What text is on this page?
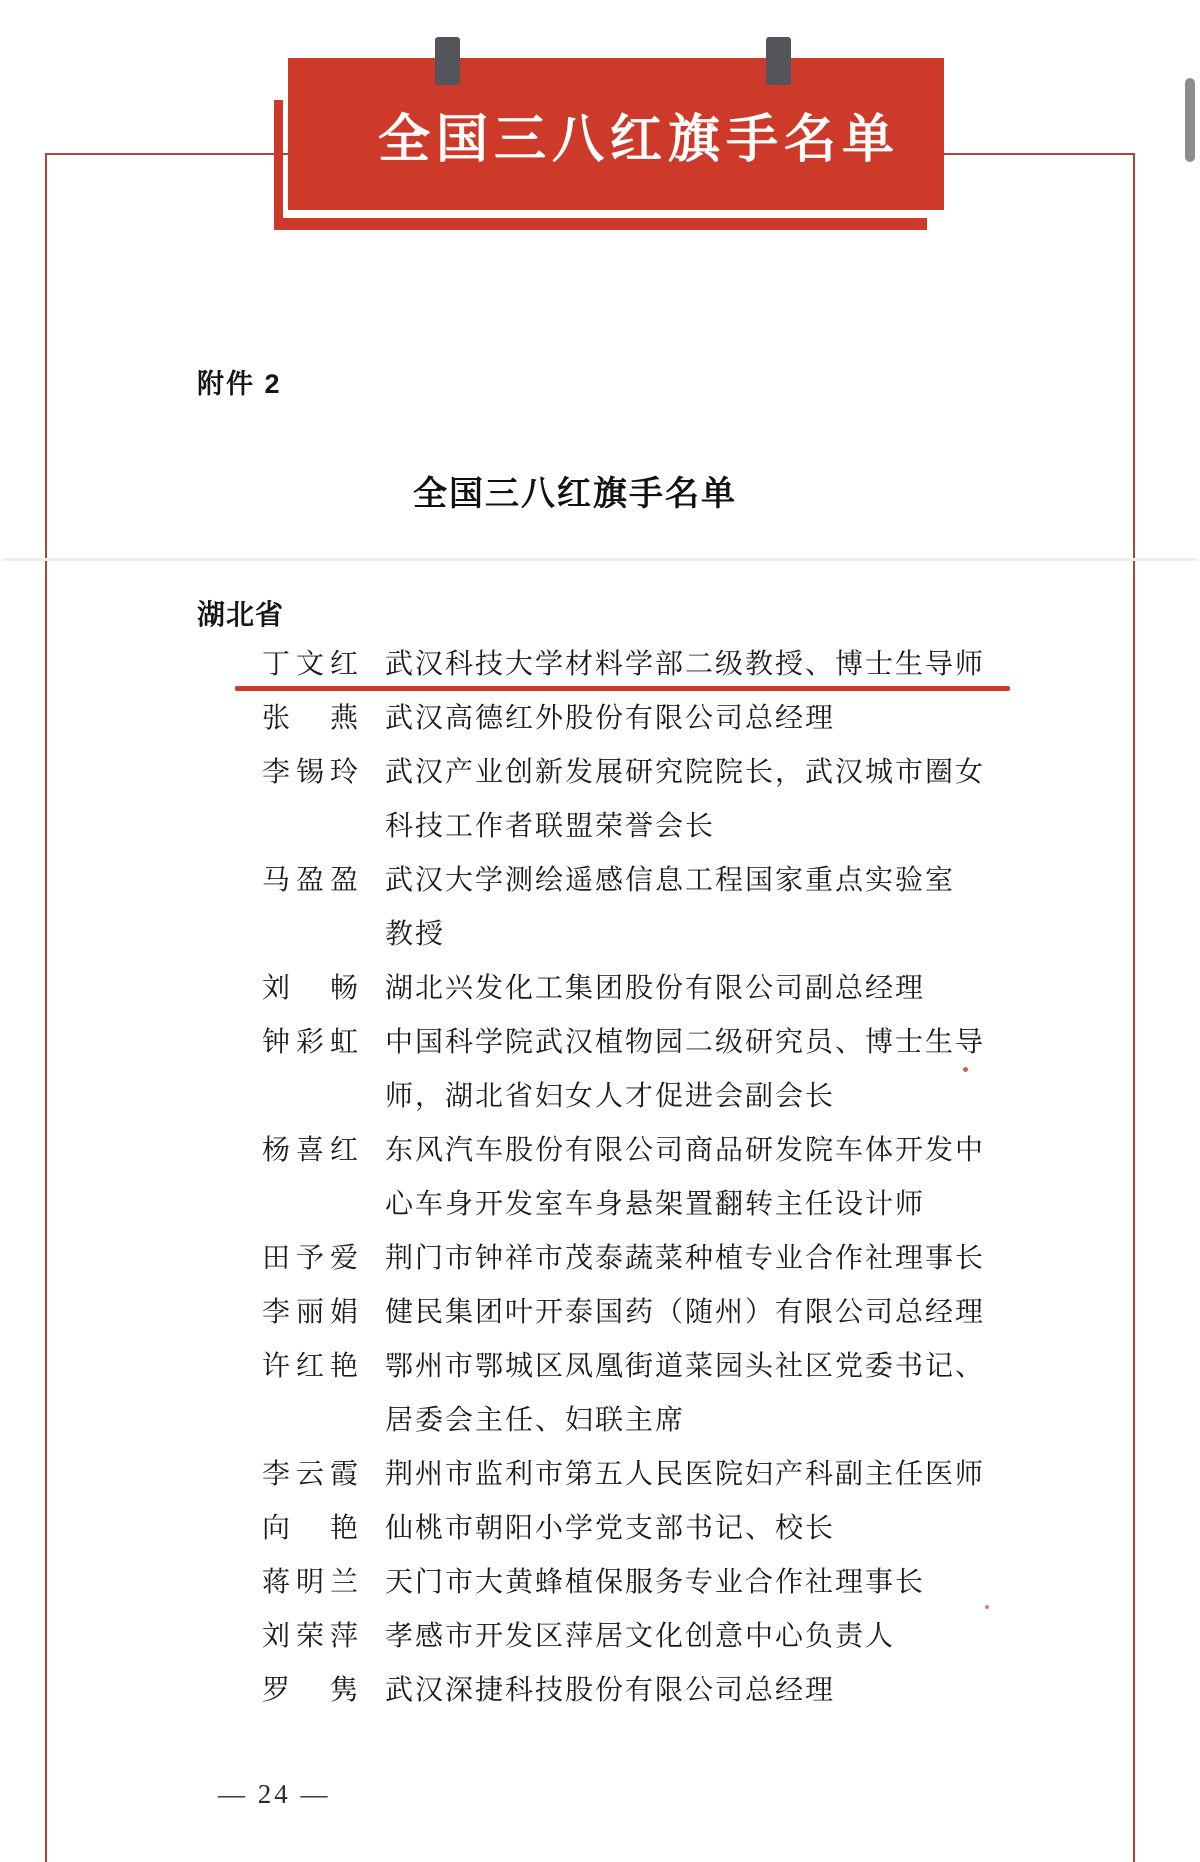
全国三八红旗手名单
附件 2
全国三八红旗手名单
湖北省
丁文红 武汉科技大学材料学部二级教授、博士生导师
张燕 武汉高德红外股份有限公司总经理
李锡玲 武汉产业创新发展研究院院长，武汉城市圈女
科技工作者联盟荣誉会长
马盈盈 武汉大学测绘遥感信息工程国家重点实验室
教授
刘畅 湖北兴发化工集团股份有限公司副总经理
钟彩虹 中国科学院武汉植物园二级研究员、博士生导
师，湖北省妇女人才促进会副会长
杨喜红 东风汽车股份有限公司商品研发院车体开发中
心车身开发室车身悬架置翻转主任设计师
田予爱 荆门市钟祥市茂泰蔬菜种植专业合作社理事长
李丽娟 健民集团叶开泰国药（随州）有限公司总经理
许红艳 鄂州市鄂城区凤凰街道菜园头社区党委书记、
居委会主任、妇联主席
李云霞 荆州市监利市第五人民医院妇产科副主任医师
向艳 仙桃市朝阳小学党支部书记、校长
蒋明兰 天门市大黄蜂植保服务专业合作社理事长
刘荣萍 孝感市开发区萍居文化创意中心负责人
罗隽 武汉深捷科技股份有限公司总经理
— 24 —
